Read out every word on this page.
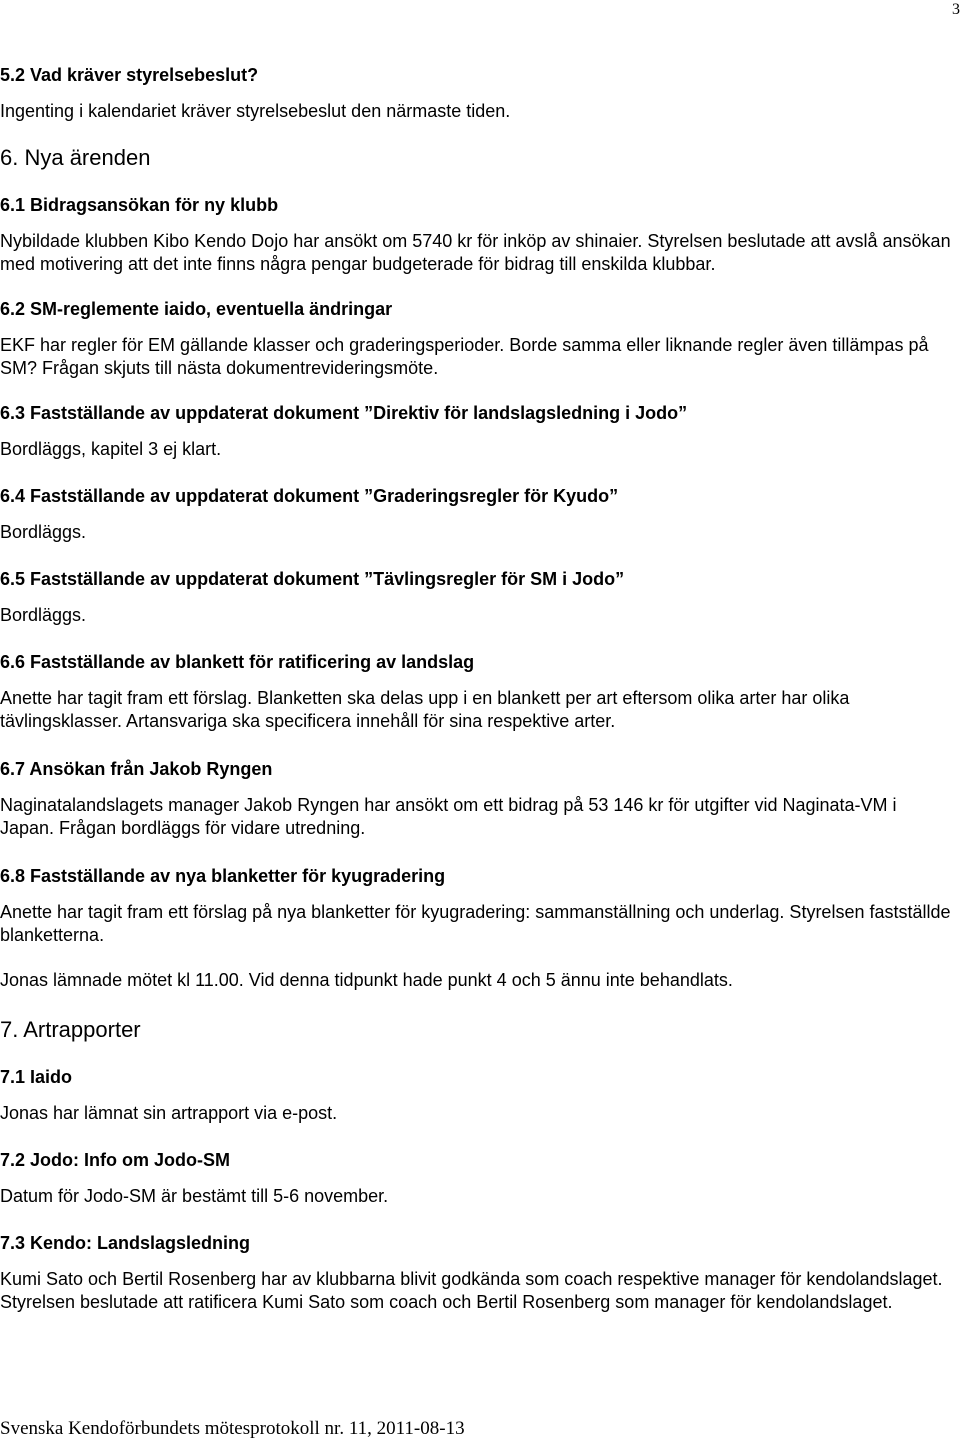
3
5.2 Vad kräver styrelsebeslut?
Ingenting i kalendariet kräver styrelsebeslut den närmaste tiden.
6. Nya ärenden
6.1 Bidragsansökan för ny klubb
Nybildade klubben Kibo Kendo Dojo har ansökt om 5740 kr för inköp av shinaier. Styrelsen beslutade att avslå ansökan med motivering att det inte finns några pengar budgeterade för bidrag till enskilda klubbar.
6.2 SM-reglemente iaido, eventuella ändringar
EKF har regler för EM gällande klasser och graderingsperioder. Borde samma eller liknande regler även tillämpas på SM? Frågan skjuts till nästa dokumentrevideringsmöte.
6.3 Fastställande av uppdaterat dokument ”Direktiv för landslagsledning i Jodo”
Bordläggs, kapitel 3 ej klart.
6.4 Fastställande av uppdaterat dokument ”Graderingsregler för Kyudo”
Bordläggs.
6.5 Fastställande av uppdaterat dokument ”Tävlingsregler för SM i Jodo”
Bordläggs.
6.6 Fastställande av blankett för ratificering av landslag
Anette har tagit fram ett förslag. Blanketten ska delas upp i en blankett per art eftersom olika arter har olika tävlingsklasser. Artansvariga ska specificera innehåll för sina respektive arter.
6.7 Ansökan från Jakob Ryngen
Naginatalandslagets manager Jakob Ryngen har ansökt om ett bidrag på 53 146 kr för utgifter vid Naginata-VM i Japan. Frågan bordläggs för vidare utredning.
6.8 Fastställande av nya blanketter för kyugradering
Anette har tagit fram ett förslag på nya blanketter för kyugradering: sammanställning och underlag. Styrelsen fastställde blanketterna.
Jonas lämnade mötet kl 11.00. Vid denna tidpunkt hade punkt 4 och 5 ännu inte behandlats.
7. Artrapporter
7.1 Iaido
Jonas har lämnat sin artrapport via e-post.
7.2 Jodo: Info om Jodo-SM
Datum för Jodo-SM är bestämt till 5-6 november.
7.3 Kendo: Landslagsledning
Kumi Sato och Bertil Rosenberg har av klubbarna blivit godkända som coach respektive manager för kendolandslaget. Styrelsen beslutade att ratificera Kumi Sato som coach och Bertil Rosenberg som manager för kendolandslaget.
Svenska Kendoförbundets mötesprotokoll nr. 11, 2011-08-13
